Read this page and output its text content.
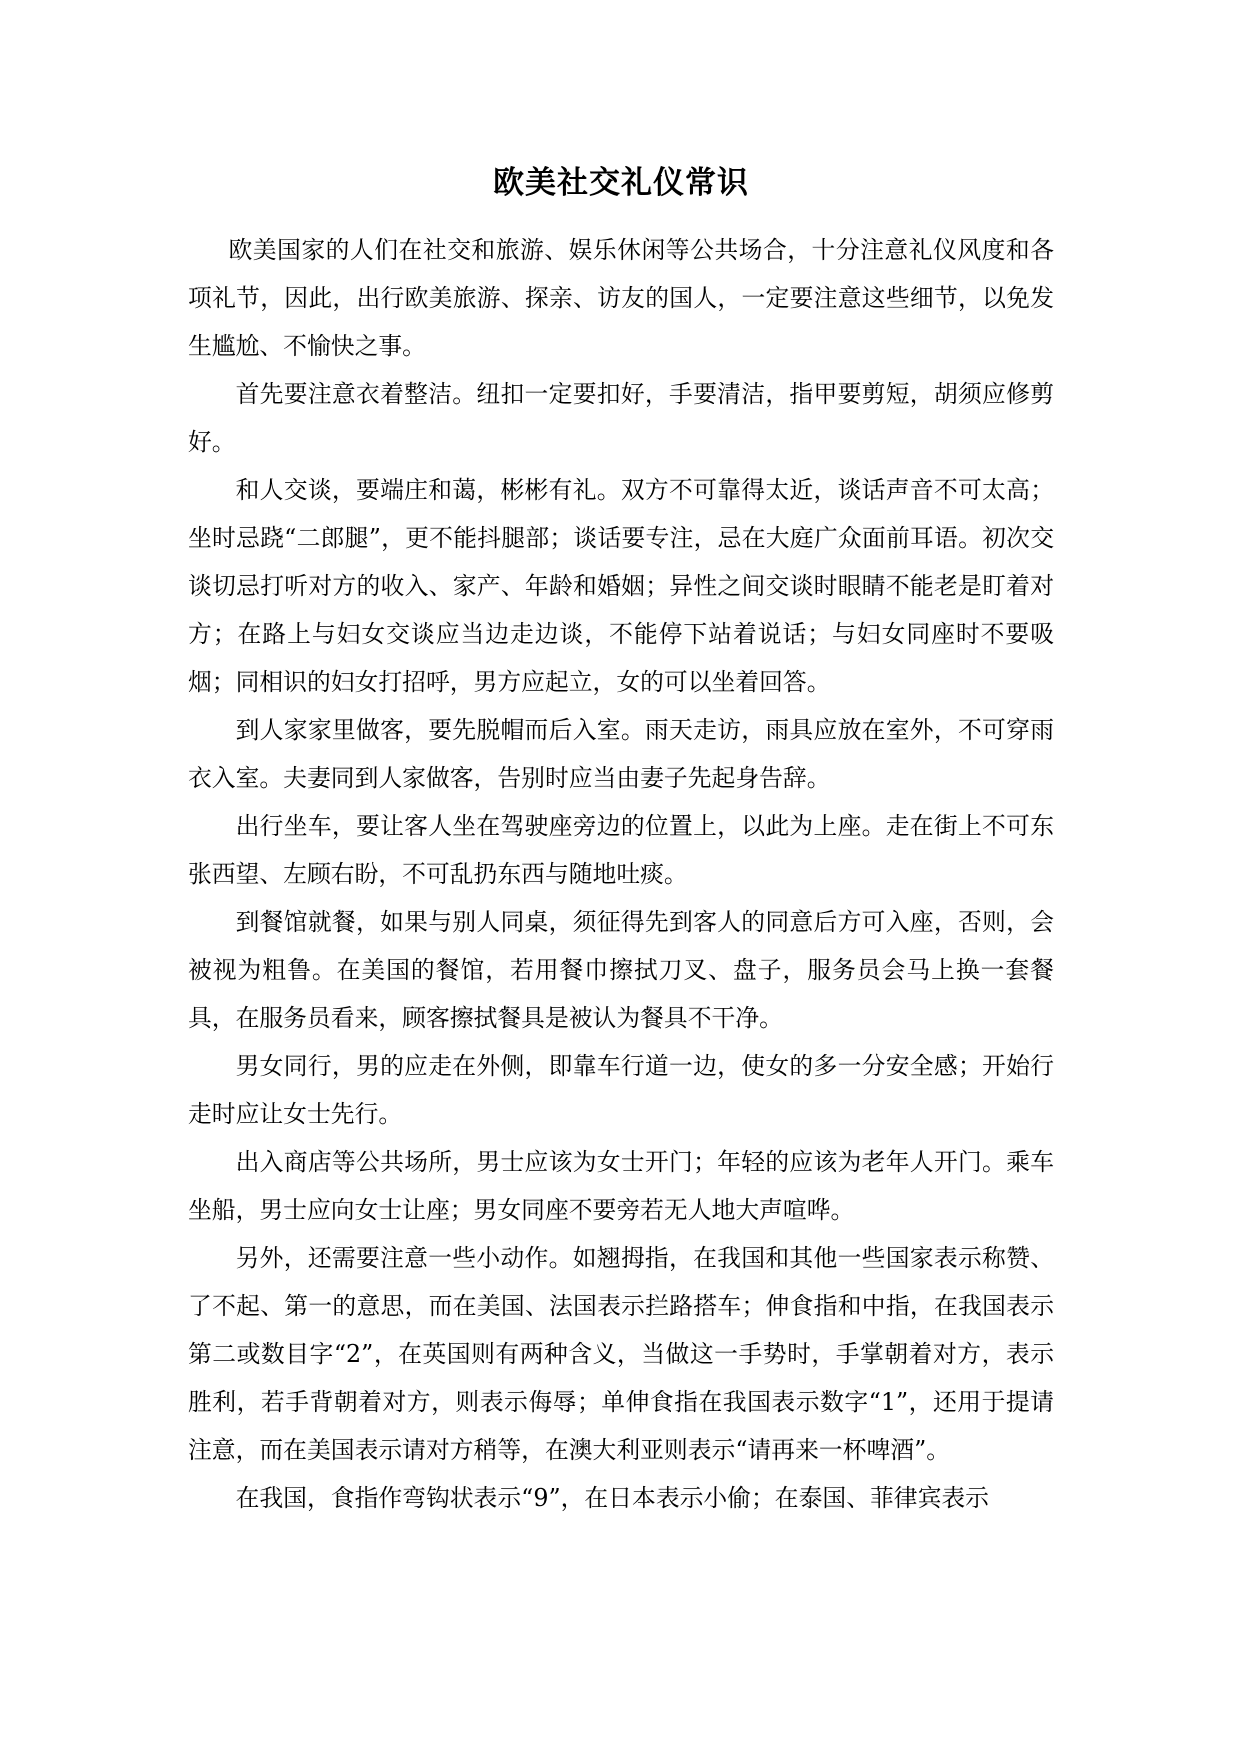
欧美社交礼仪常识

欧美国家的人们在社交和旅游、娱乐休闲等公共场合，十分注意礼仪风度和各项礼节，因此，出行欧美旅游、探亲、访友的国人，一定要注意这些细节，以免发生尴尬、不愉快之事。

首先要注意衣着整洁。纽扣一定要扣好，手要清洁，指甲要剪短，胡须应修剪好。

和人交谈，要端庄和蔼，彬彬有礼。双方不可靠得太近，谈话声音不可太高；坐时忌跷“二郎腿”，更不能抖腿部；谈话要专注，忌在大庭广众面前耳语。初次交谈切忌打听对方的收入、家产、年龄和婚姻；异性之间交谈时眼睛不能老是盯着对方；在路上与妇女交谈应当边走边谈，不能停下站着说话；与妇女同座时不要吸烟；同相识的妇女打招呼，男方应起立，女的可以坐着回答。

到人家家里做客，要先脱帽而后入室。雨天走访，雨具应放在室外，不可穿雨衣入室。夫妻同到人家做客，告别时应当由妻子先起身告辞。

出行坐车，要让客人坐在驾驶座旁边的位置上，以此为上座。走在街上不可东张西望、左顾右盼，不可乱扔东西与随地吐痰。

到餐馆就餐，如果与别人同桌，须征得先到客人的同意后方可入座，否则，会被视为粗鲁。在美国的餐馆，若用餐巾擦拭刀叉、盘子，服务员会马上换一套餐具，在服务员看来，顾客擦拭餐具是被认为餐具不干净。

男女同行，男的应走在外侧，即靠车行道一边，使女的多一分安全感；开始行走时应让女士先行。

出入商店等公共场所，男士应该为女士开门；年轻的应该为老年人开门。乘车坐船，男士应向女士让座；男女同座不要旁若无人地大声喧哗。

另外，还需要注意一些小动作。如翘拇指，在我国和其他一些国家表示称赞、了不起、第一的意思，而在美国、法国表示拦路搭车；伸食指和中指，在我国表示第二或数目字“2”，在英国则有两种含义，当做这一手势时，手掌朝着对方，表示胜利，若手背朝着对方，则表示侮辱；单伸食指在我国表示数字“1”，还用于提请注意，而在美国表示请对方稍等，在澳大利亚则表示“请再来一杯啤酒”。

在我国，食指作弯钩状表示“9”，在日本表示小偷；在泰国、菲律宾表示
